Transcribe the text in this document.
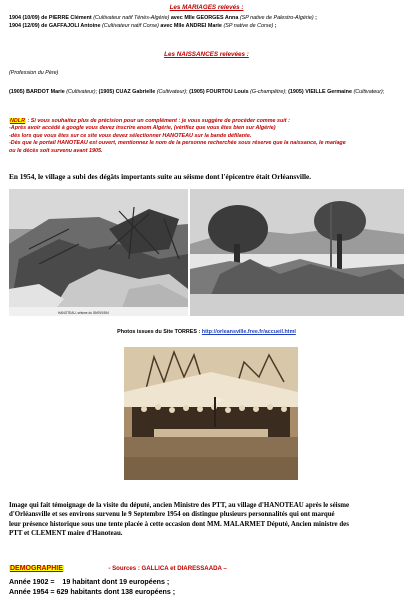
Les MARIAGES relevés :
1904 (10/09) de PIERRE Clément (Cultivateur natif Ténès-Algérie) avec Mlle GEORGES Anna (SP native de Palestro-Algérie) ;
1904 (12/09) de GAFFAJOLI Antoine (Cultivateur natif Corse) avec Mlle ANDREI Marie (SP native de Corse) ;
Les NAISSANCES relevées :
(Profession du Père)
(1905) BARDOT Marie (Cultivateur); (1905) CUAZ Gabrielle (Cultivateur); (1905) FOURTOU Louis (G-champêtre); (1905) VIEILLE Germaine (Cultivateur);
NDLR : Si vous souhaitez plus de précision pour un complément : je vous suggère de procéder comme suit :
-Après avoir accédé à google vous devez inscrire anom Algérie, (vérifiez que vous êtes bien sur Algérie)
-dès lors que vous êtes sur ce site vous devez sélectionner HANOTEAU sur la bande défilante.
-Dès que le portail HANOTEAU est ouvert, mentionnez le nom de la personne recherchée sous réserve que la naissance, le mariage
ou le décès soit survenu avant 1905.
En 1954, le village a subi des dégâts importants suite au séisme dont l'épicentre était Orléansville.
HANOTEAU, séisme du 09/09/1954
Photos issues du Site TORRES : http://orleansville.free.fr/accueil.html
Image qui fait témoignage de la visite du député, ancien Ministre des PTT, au village d'HANOTEAU après le séisme
d'Orléansville et ses environs survenu le 9 Septembre 1954 on distingue plusieurs personnalités qui ont marqué
leur présence historique sous une tente placée à cette occasion dont MM. MALARMET Député, Ancien ministre des
PTT et CLEMENT maire d'Hanoteau.
DEMOGRAPHIE	- Sources : GALLICA et DIARESSAADA –
Année 1902 =    19 habitant dont 19 européens ;
Année 1954 = 629 habitants dont 138 européens ;
